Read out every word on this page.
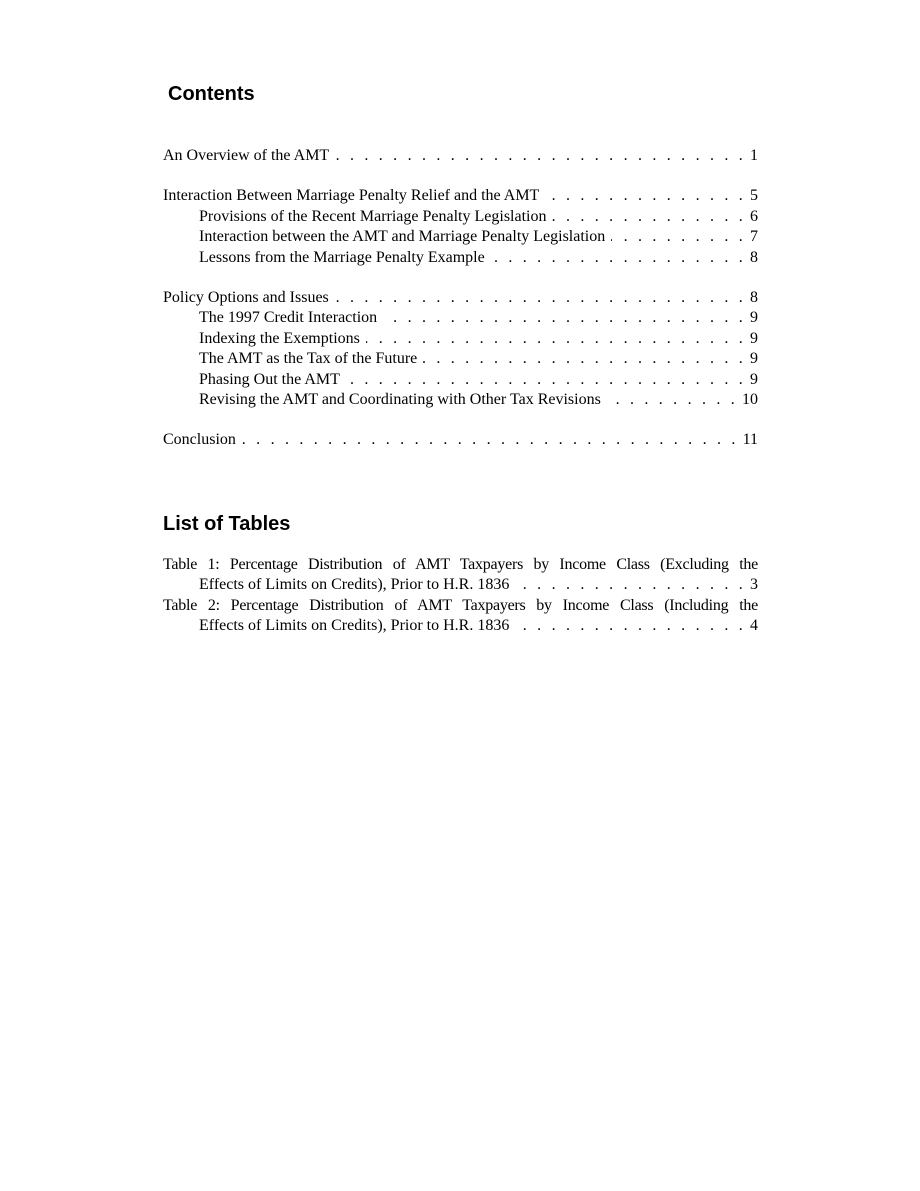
Contents
An Overview of the AMT . . .	1
Interaction Between Marriage Penalty Relief and the AMT . . .	5
Provisions of the Recent Marriage Penalty Legislation . . .	6
Interaction between the AMT and Marriage Penalty Legislation . . .	7
Lessons from the Marriage Penalty Example . . .	8
Policy Options and Issues . . .	8
The 1997 Credit Interaction . . .	9
Indexing the Exemptions . . .	9
The AMT as the Tax of the Future . . .	9
Phasing Out the AMT . . .	9
Revising the AMT and Coordinating with Other Tax Revisions . . .	10
Conclusion . . .	11
List of Tables
Table 1: Percentage Distribution of AMT Taxpayers by Income Class (Excluding the
Effects of Limits on Credits), Prior to H.R. 1836 . . .	3
Table 2: Percentage Distribution of AMT Taxpayers by Income Class (Including the
Effects of Limits on Credits), Prior to H.R. 1836 . . .	4
